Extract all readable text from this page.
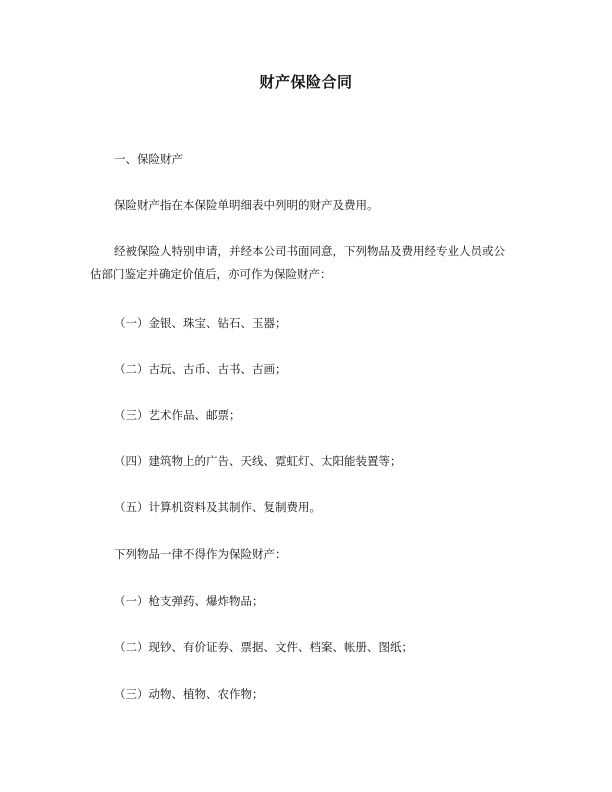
财产保险合同

一、保险财产

保险财产指在本保险单明细表中列明的财产及费用。

经被保险人特别申请，并经本公司书面同意，下列物品及费用经专业人员或公

估部门鉴定并确定价值后，亦可作为保险财产：

（一）金银、珠宝、钻石、玉器；

（二）古玩、古币、古书、古画；

（三）艺术作品、邮票；

（四）建筑物上的广告、天线、霓虹灯、太阳能装置等；

（五）计算机资料及其制作、复制费用。

下列物品一律不得作为保险财产：

（一）枪支弹药、爆炸物品；

（二）现钞、有价证券、票据、文件、档案、帐册、图纸；

（三）动物、植物、农作物；
